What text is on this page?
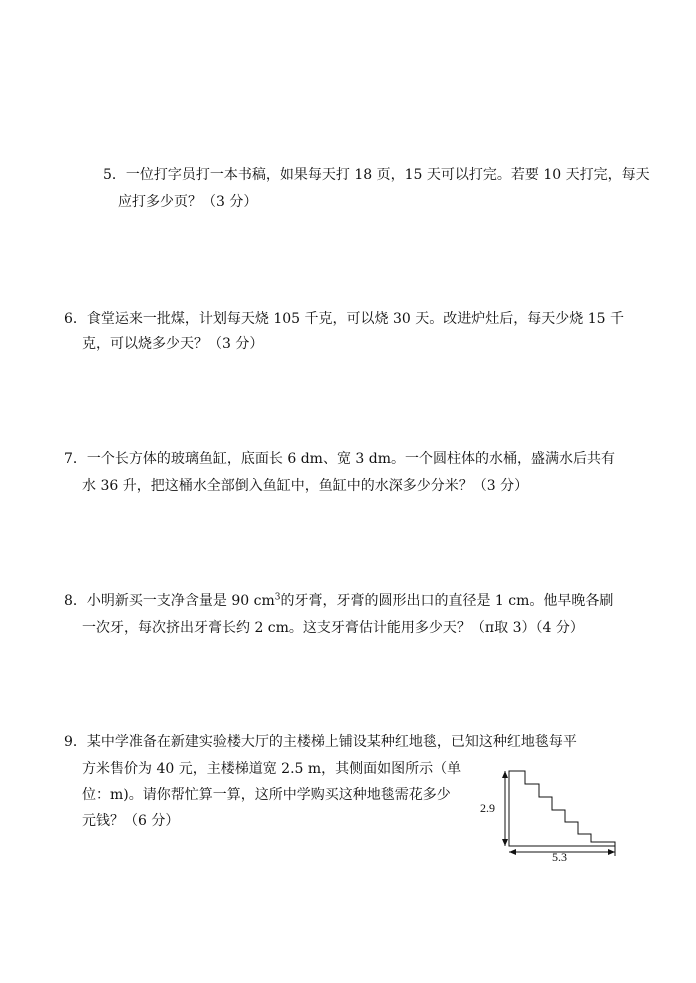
5．一位打字员打一本书稿，如果每天打 18 页，15 天可以打完。若要 10 天打完，每天
应打多少页？（3 分）
6．食堂运来一批煤，计划每天烧 105 千克，可以烧 30 天。改进炉灶后，每天少烧 15 千
克，可以烧多少天？（3 分）
7．一个长方体的玻璃鱼缸，底面长 6 dm、宽 3 dm。一个圆柱体的水桶，盛满水后共有
水 36 升，把这桶水全部倒入鱼缸中，鱼缸中的水深多少分米？（3 分）
8．小明新买一支净含量是 90 $cm^3$的牙膏，牙膏的圆形出口的直径是 1 cm。他早晚各刷
一次牙，每次挤出牙膏长约 2 cm。这支牙膏估计能用多少天？（π取 3）（4 分）
9．某中学准备在新建实验楼大厅的主楼梯上铺设某种红地毯，已知这种红地毯每平
方米售价为 40 元，主楼梯道宽 2.5 m，其侧面如图所示（单
位：m)。请你帮忙算一算，这所中学购买这种地毯需花多少
元钱？（6 分）
2.9
5.3
